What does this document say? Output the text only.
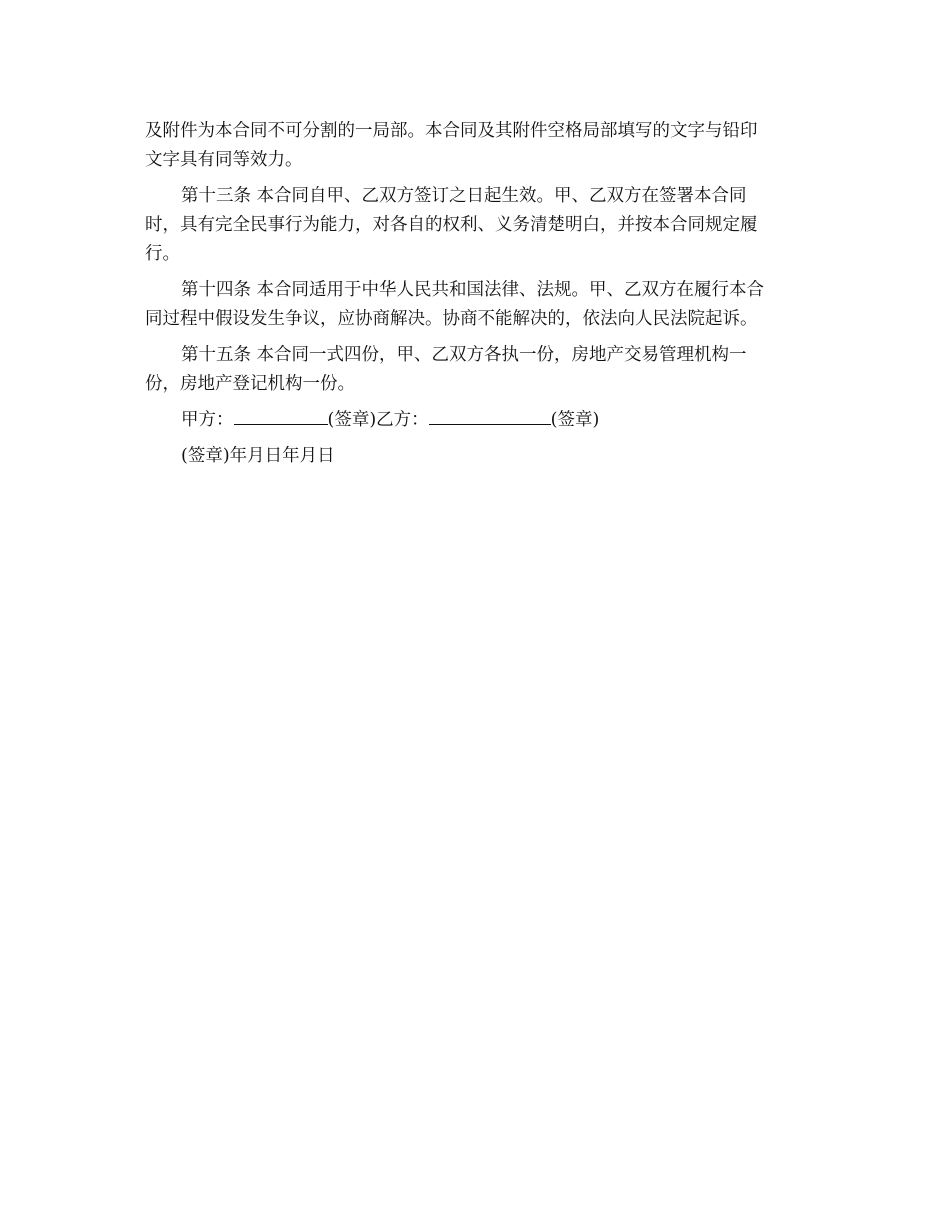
及附件为本合同不可分割的一局部。本合同及其附件空格局部填写的文字与铅印
文字具有同等效力。
第十三条 本合同自甲、乙双方签订之日起生效。甲、乙双方在签署本合同
时，具有完全民事行为能力，对各自的权利、义务清楚明白，并按本合同规定履
行。
第十四条 本合同适用于中华人民共和国法律、法规。甲、乙双方在履行本合
同过程中假设发生争议，应协商解决。协商不能解决的，依法向人民法院起诉。
第十五条 本合同一式四份，甲、乙双方各执一份，房地产交易管理机构一
份，房地产登记机构一份。
甲方：	(签章)乙方：	(签章)
(签章)年月日年月日
